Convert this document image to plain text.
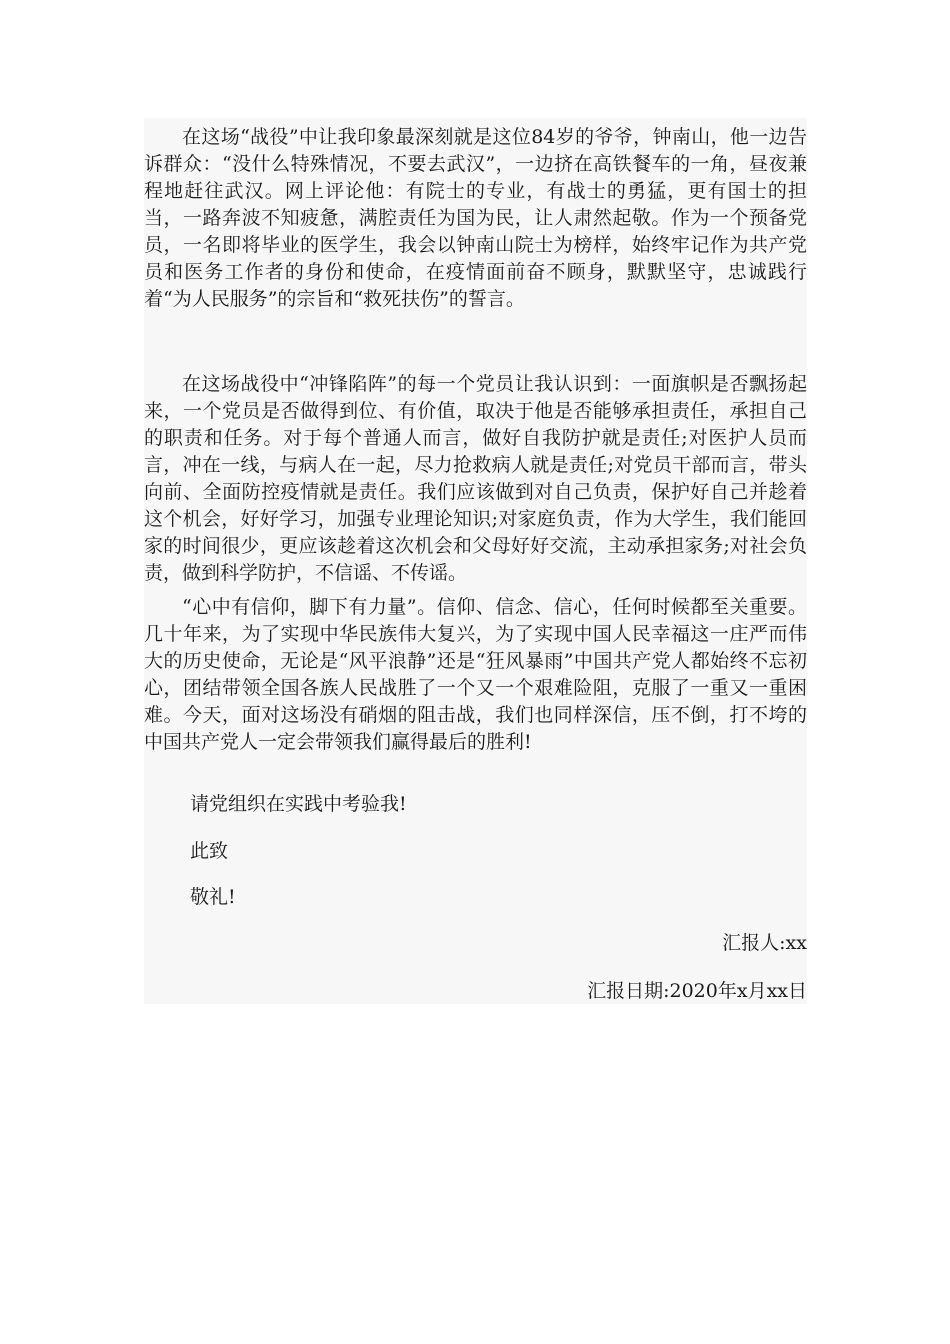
在这场“战役”中让我印象最深刻就是这位84岁的爷爷，钟南山，他一边告诉群众：“没什么特殊情况，不要去武汉”，一边挤在高铁餐车的一角，昼夜兼程地赶往武汉。网上评论他：有院士的专业，有战士的勇猛，更有国士的担当，一路奔波不知疲惫，满腔责任为国为民，让人肃然起敬。作为一个预备党员，一名即将毕业的医学生，我会以钟南山院士为榜样，始终牢记作为共产党员和医务工作者的身份和使命，在疫情面前奋不顾身，默默坚守，忠诚践行着“为人民服务”的宗旨和“救死扶伤”的誓言。

在这场战役中“冲锋陷阵”的每一个党员让我认识到：一面旗帜是否飘扬起来，一个党员是否做得到位、有价值，取决于他是否能够承担责任，承担自己的职责和任务。对于每个普通人而言，做好自我防护就是责任;对医护人员而言，冲在一线，与病人在一起，尽力抢救病人就是责任;对党员干部而言，带头向前、全面防控疫情就是责任。我们应该做到对自己负责，保护好自己并趁着这个机会，好好学习，加强专业理论知识;对家庭负责，作为大学生，我们能回家的时间很少，更应该趁着这次机会和父母好好交流，主动承担家务;对社会负责，做到科学防护，不信谣、不传谣。

“心中有信仰，脚下有力量”。信仰、信念、信心，任何时候都至关重要。几十年来，为了实现中华民族伟大复兴，为了实现中国人民幸福这一庄严而伟大的历史使命，无论是“风平浪静”还是“狂风暴雨”中国共产党人都始终不忘初心，团结带领全国各族人民战胜了一个又一个艰难险阻，克服了一重又一重困难。今天，面对这场没有硝烟的阻击战，我们也同样深信，压不倒，打不垮的中国共产党人一定会带领我们赢得最后的胜利!

请党组织在实践中考验我!

此致

敬礼!

汇报人:xx

汇报日期:2020年x月xx日
